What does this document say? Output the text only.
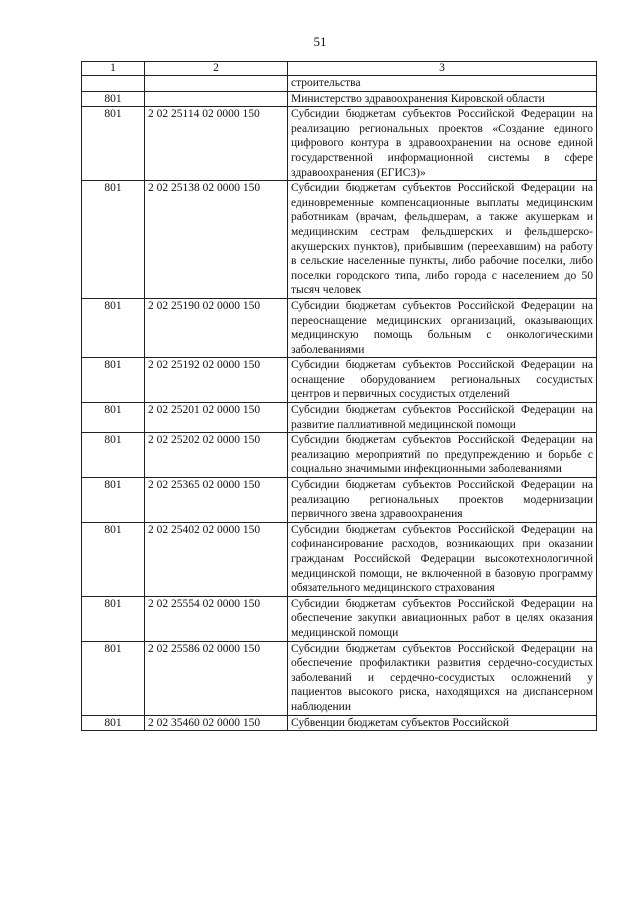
51
1	2	3
		строительства
801		Министерство здравоохранения Кировской области
801	2 02 25114 02 0000 150	Субсидии бюджетам субъектов Российской Федерации на реализацию региональных проектов «Создание единого цифрового контура в здравоохранении на основе единой государственной информационной системы в сфере здравоохранения (ЕГИСЗ)»
801	2 02 25138 02 0000 150	Субсидии бюджетам субъектов Российской Федерации на единовременные компенсационные выплаты медицинским работникам (врачам, фельдшерам, а также акушеркам и медицинским сестрам фельдшерских и фельдшерско-акушерских пунктов), прибывшим (переехавшим) на работу в сельские населенные пункты, либо рабочие поселки, либо поселки городского типа, либо города с населением до 50 тысяч человек
801	2 02 25190 02 0000 150	Субсидии бюджетам субъектов Российской Федерации на переоснащение медицинских организаций, оказывающих медицинскую помощь больным с онкологическими заболеваниями
801	2 02 25192 02 0000 150	Субсидии бюджетам субъектов Российской Федерации на оснащение оборудованием региональных сосудистых центров и первичных сосудистых отделений
801	2 02 25201 02 0000 150	Субсидии бюджетам субъектов Российской Федерации на развитие паллиативной медицинской помощи
801	2 02 25202 02 0000 150	Субсидии бюджетам субъектов Российской Федерации на реализацию мероприятий по предупреждению и борьбе с социально значимыми инфекционными заболеваниями
801	2 02 25365 02 0000 150	Субсидии бюджетам субъектов Российской Федерации на реализацию региональных проектов модернизации первичного звена здравоохранения
801	2 02 25402 02 0000 150	Субсидии бюджетам субъектов Российской Федерации на софинансирование расходов, возникающих при оказании гражданам Российской Федерации высокотехнологичной медицинской помощи, не включенной в базовую программу обязательного медицинского страхования
801	2 02 25554 02 0000 150	Субсидии бюджетам субъектов Российской Федерации на обеспечение закупки авиационных работ в целях оказания медицинской помощи
801	2 02 25586 02 0000 150	Субсидии бюджетам субъектов Российской Федерации на обеспечение профилактики развития сердечно-сосудистых заболеваний и сердечно-сосудистых осложнений у пациентов высокого риска, находящихся на диспансерном наблюдении
801	2 02 35460 02 0000 150	Субвенции бюджетам субъектов Российской
